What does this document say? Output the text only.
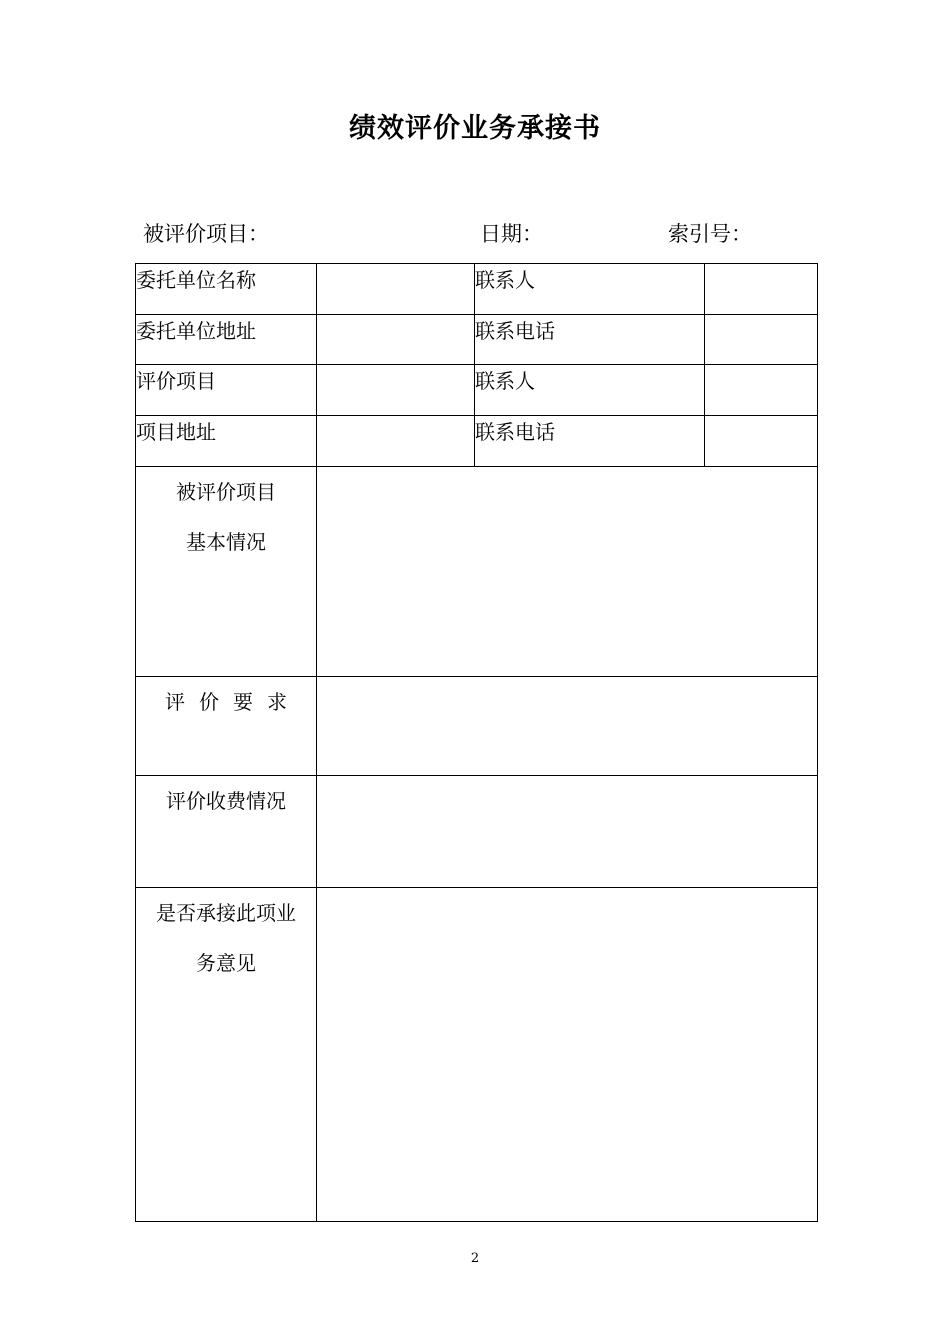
绩效评价业务承接书
被评价项目：	日期：	索引号：
委托单位名称		联系人	
委托单位地址		联系电话	
评价项目		联系人	
项目地址		联系电话	

被评价项目
基本情况			

评价要求			
评价收费情况			

是否承接此项业
务意见			

2
